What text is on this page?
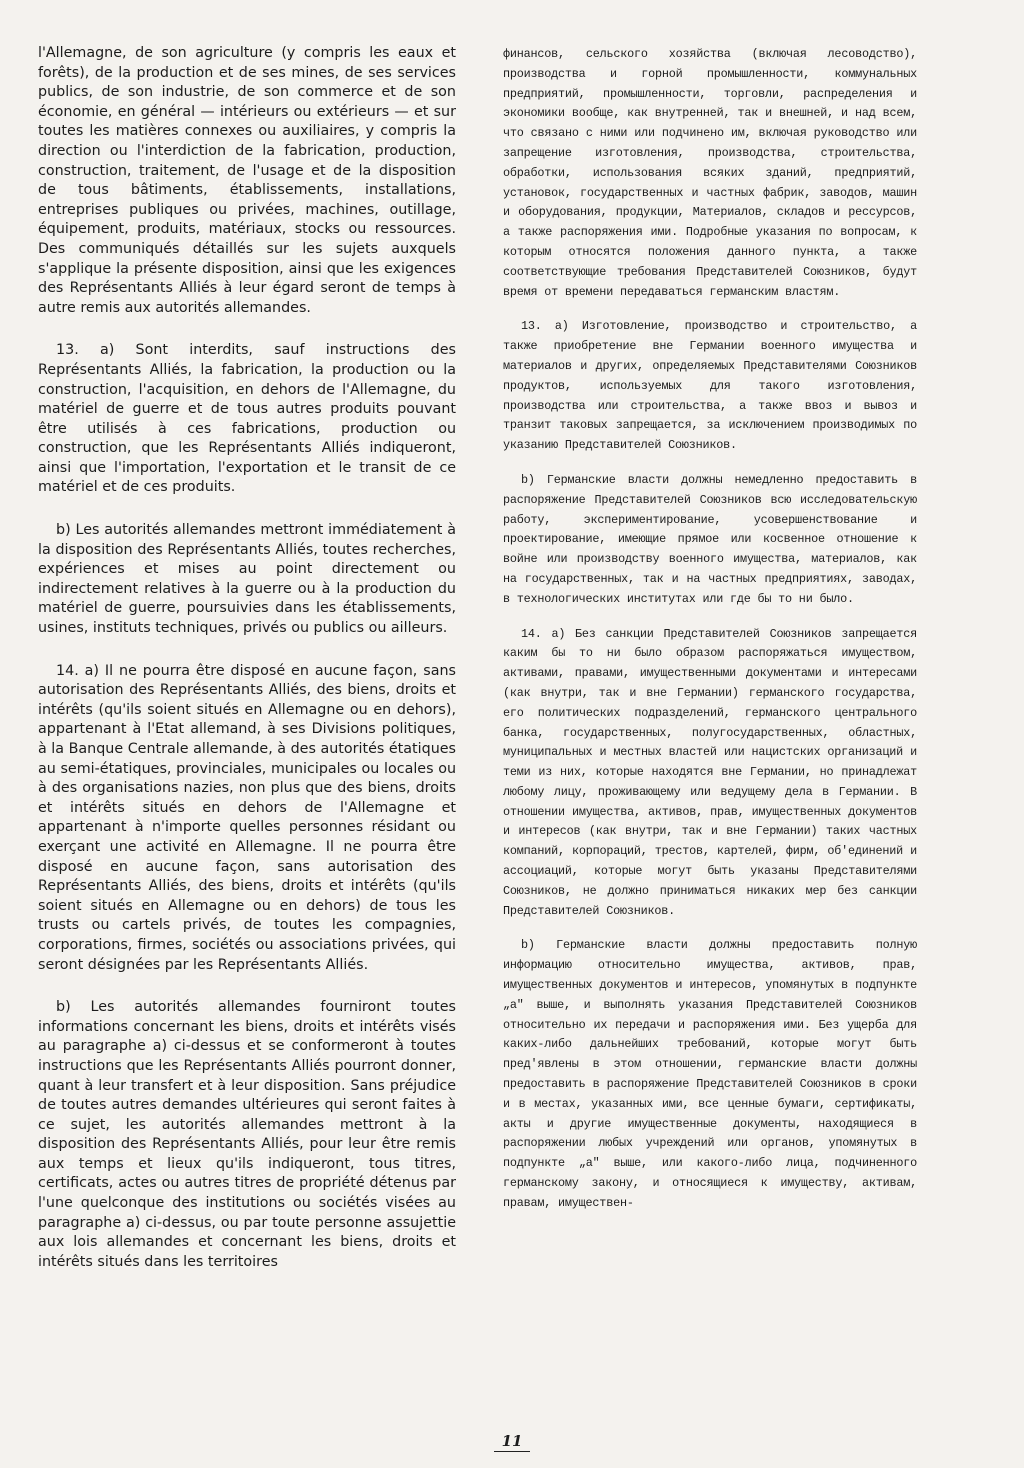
l'Allemagne, de son agriculture (y compris les eaux et forêts), de la production et de ses mines, de ses services publics, de son industrie, de son commerce et de son économie, en général — intérieurs ou extérieurs — et sur toutes les matières connexes ou auxiliaires, y compris la direction ou l'interdiction de la fabrication, production, construction, traitement, de l'usage et de la disposition de tous bâtiments, établissements, installations, entreprises publiques ou privées, machines, outillage, équipement, produits, matériaux, stocks ou ressources. Des communiqués détaillés sur les sujets auxquels s'applique la présente disposition, ainsi que les exigences des Représentants Alliés à leur égard seront de temps à autre remis aux autorités allemandes.

13. a) Sont interdits, sauf instructions des Représentants Alliés, la fabrication, la production ou la construction, l'acquisition, en dehors de l'Allemagne, du matériel de guerre et de tous autres produits pouvant être utilisés à ces fabrications, production ou construction, que les Représentants Alliés indiqueront, ainsi que l'importation, l'exportation et le transit de ce matériel et de ces produits.

b) Les autorités allemandes mettront immédiatement à la disposition des Représentants Alliés, toutes recherches, expériences et mises au point directement ou indirectement relatives à la guerre ou à la production du matériel de guerre, poursuivies dans les établissements, usines, instituts techniques, privés ou publics ou ailleurs.

14. a) Il ne pourra être disposé en aucune façon, sans autorisation des Représentants Alliés, des biens, droits et intérêts (qu'ils soient situés en Allemagne ou en dehors), appartenant à l'Etat allemand, à ses Divisions politiques, à la Banque Centrale allemande, à des autorités étatiques au semi-étatiques, provinciales, municipales ou locales ou à des organisations nazies, non plus que des biens, droits et intérêts situés en dehors de l'Allemagne et appartenant à n'importe quelles personnes résidant ou exerçant une activité en Allemagne. Il ne pourra être disposé en aucune façon, sans autorisation des Représentants Alliés, des biens, droits et intérêts (qu'ils soient situés en Allemagne ou en dehors) de tous les trusts ou cartels privés, de toutes les compagnies, corporations, firmes, sociétés ou associations privées, qui seront désignées par les Représentants Alliés.

b) Les autorités allemandes fourniront toutes informations concernant les biens, droits et intérêts visés au paragraphe a) ci-dessus et se conformeront à toutes instructions que les Représentants Alliés pourront donner, quant à leur transfert et à leur disposition. Sans préjudice de toutes autres demandes ultérieures qui seront faites à ce sujet, les autorités allemandes mettront à la disposition des Représentants Alliés, pour leur être remis aux temps et lieux qu'ils indiqueront, tous titres, certificats, actes ou autres titres de propriété détenus par l'une quelconque des institutions ou sociétés visées au paragraphe a) ci-dessus, ou par toute personne assujettie aux lois allemandes et concernant les biens, droits et intérêts situés dans les territoires

финансов, сельского хозяйства (включая лесоводство), производства и горной промышленности, коммунальных предприятий, промышленности, торговли, распределения и экономики вообще, как внутренней, так и внешней, и над всем, что связано с ними или подчинено им, включая руководство или запрещение изготовления, производства, строительства, обработки, использования всяких зданий, предприятий, установок, государственных и частных фабрик, заводов, машин и оборудования, продукции, Материалов, складов и рессурсов, а также распоряжения ими. Подробные указания по вопросам, к которым относятся положения данного пункта, а также соответствующие требования Представителей Союзников, будут время от времени передаваться германским властям.

13. а) Изготовление, производство и строительство, а также приобретение вне Германии военного имущества и материалов и других, определяемых Представителями Союзников продуктов, используемых для такого изготовления, производства или строительства, а также ввоз и вывоз и транзит таковых запрещается, за исключением производимых по указанию Представителей Союзников.

b) Германские власти должны немедленно предоставить в распоряжение Представителей Союзников всю исследовательскую работу, экспериментирование, усовершенствование и проектирование, имеющие прямое или косвенное отношение к войне или производству военного имущества, материалов, как на государственных, так и на частных предприятиях, заводах, в технологических институтах или где бы то ни было.

14. а) Без санкции Представителей Союзников запрещается каким бы то ни было образом распоряжаться имуществом, активами, правами, имущественными документами и интересами (как внутри, так и вне Германии) германского государства, его политических подразделений, германского центрального банка, государственных, полугосударственных, областных, муниципальных и местных властей или нацистских организаций и теми из них, которые находятся вне Германии, но принадлежат любому лицу, проживающему или ведущему дела в Германии. В отношении имущества, активов, прав, имущественных документов и интересов (как внутри, так и вне Германии) таких частных компаний, корпораций, трестов, картелей, фирм, об'единений и ассоциаций, которые могут быть указаны Представителями Союзников, не должно приниматься никаких мер без санкции Представителей Союзников.

b) Германские власти должны предоставить полную информацию относительно имущества, активов, прав, имущественных документов и интересов, упомянутых в подпункте „а" выше, и выполнять указания Представителей Союзников относительно их передачи и распоряжения ими. Без ущерба для каких-либо дальнейших требований, которые могут быть пред'явлены в этом отношении, германские власти должны предоставить в распоряжение Представителей Союзников в сроки и в местах, указанных ими, все ценные бумаги, сертификаты, акты и другие имущественные документы, находящиеся в распоряжении любых учреждений или органов, упомянутых в подпункте „а" выше, или какого-либо лица, подчиненного германскому закону, и относящиеся к имуществу, активам, правам, имуществен-

11
